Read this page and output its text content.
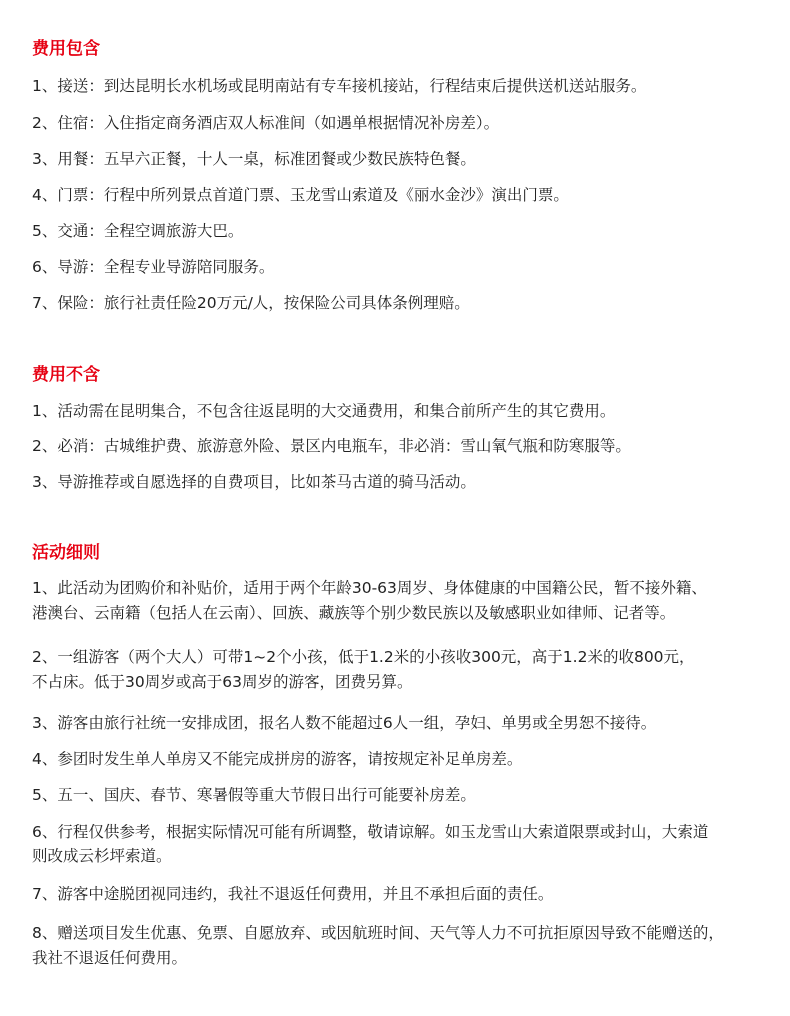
费用包含
1、接送：到达昆明长水机场或昆明南站有专车接机接站，行程结束后提供送机送站服务。
2、住宿：入住指定商务酒店双人标准间（如遇单根据情况补房差）。
3、用餐：五早六正餐，十人一桌，标准团餐或少数民族特色餐。
4、门票：行程中所列景点首道门票、玉龙雪山索道及《丽水金沙》演出门票。
5、交通：全程空调旅游大巴。
6、导游：全程专业导游陪同服务。
7、保险：旅行社责任险20万元/人，按保险公司具体条例理赔。
费用不含
1、活动需在昆明集合，不包含往返昆明的大交通费用，和集合前所产生的其它费用。
2、必消：古城维护费、旅游意外险、景区内电瓶车，非必消：雪山氧气瓶和防寒服等。
3、导游推荐或自愿选择的自费项目，比如茶马古道的骑马活动。
活动细则
1、此活动为团购价和补贴价，适用于两个年龄30-63周岁、身体健康的中国籍公民，暂不接外籍、
港澳台、云南籍（包括人在云南）、回族、藏族等个别少数民族以及敏感职业如律师、记者等。
2、一组游客（两个大人）可带1~2个小孩，低于1.2米的小孩收300元，高于1.2米的收800元，
不占床。低于30周岁或高于63周岁的游客，团费另算。
3、游客由旅行社统一安排成团，报名人数不能超过6人一组，孕妇、单男或全男恕不接待。
4、参团时发生单人单房又不能完成拼房的游客，请按规定补足单房差。
5、五一、国庆、春节、寒暑假等重大节假日出行可能要补房差。
6、行程仅供参考，根据实际情况可能有所调整，敬请谅解。如玉龙雪山大索道限票或封山，大索道
则改成云杉坪索道。
7、游客中途脱团视同违约，我社不退返任何费用，并且不承担后面的责任。
8、赠送项目发生优惠、免票、自愿放弃、或因航班时间、天气等人力不可抗拒原因导致不能赠送的，
我社不退返任何费用。
